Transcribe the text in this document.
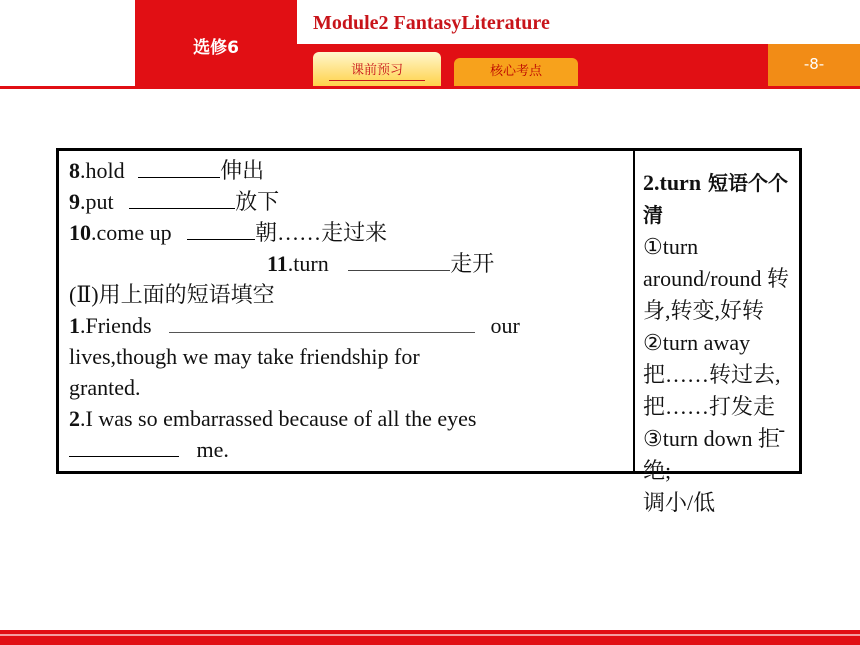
选修6
Module2 FantasyLiterature
课前预习	核心考点	-8-
8.hold	伸出
9.put	放下
10.come up	朝……走过来
11.turn	走开
(Ⅱ)用上面的短语填空
1.Friends	our
lives,though we may take friendship for
granted.
2.I was so embarrassed because of all the eyes
me.
-
2.turn 短语个个清
①turn
around/round 转
身,转变,好转
②turn away
把……转过去,
把……打发走
③turn down 拒绝;
调小/低
